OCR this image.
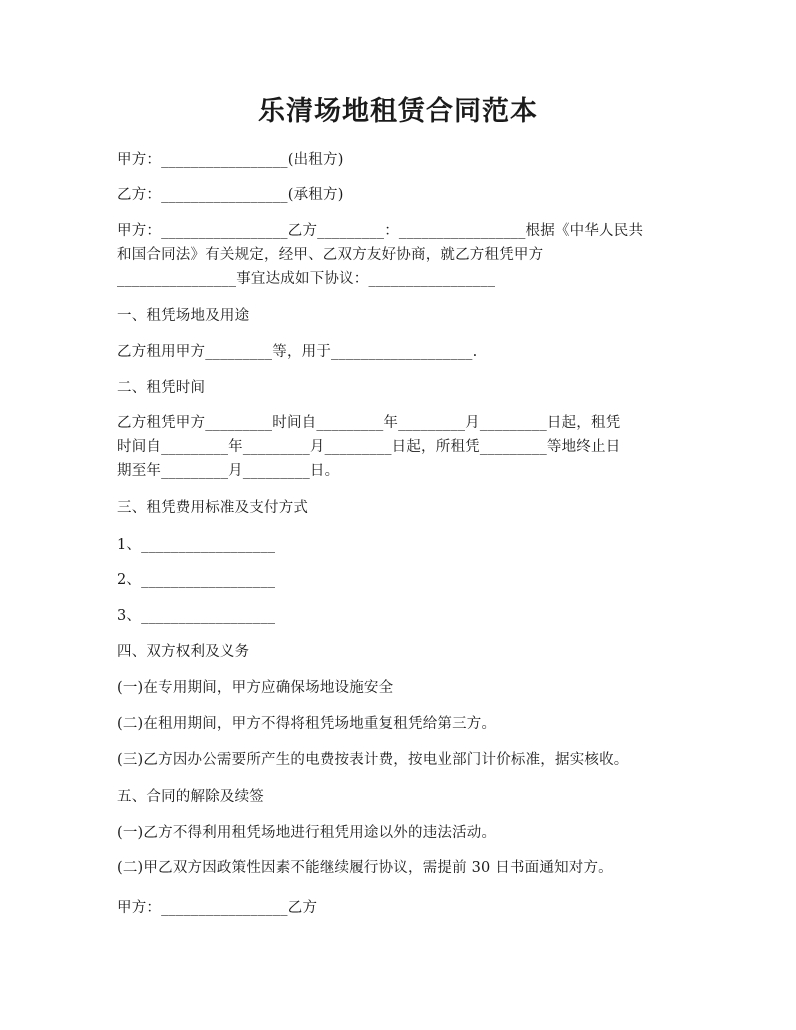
乐清场地租赁合同范本
甲方：_________________(出租方)
乙方：_________________(承租方)
甲方：_________________乙方_________：_________________根据《中华人民共
和国合同法》有关规定，经甲、乙双方友好协商，就乙方租凭甲方
________________事宜达成如下协议：_________________
一、租凭场地及用途
乙方租用甲方_________等，用于___________________.
二、租凭时间
乙方租凭甲方_________时间自_________年_________月_________日起，租凭
时间自_________年_________月_________日起，所租凭_________等地终止日
期至年_________月_________日。
三、租凭费用标准及支付方式
1、__________________
2、__________________
3、__________________
四、双方权利及义务
(一)在专用期间，甲方应确保场地设施安全
(二)在租用期间，甲方不得将租凭场地重复租凭给第三方。
(三)乙方因办公需要所产生的电费按表计费，按电业部门计价标准，据实核收。
五、合同的解除及续签
(一)乙方不得利用租凭场地进行租凭用途以外的违法活动。
(二)甲乙双方因政策性因素不能继续履行协议，需提前 30 日书面通知对方。
甲方：_________________乙方
